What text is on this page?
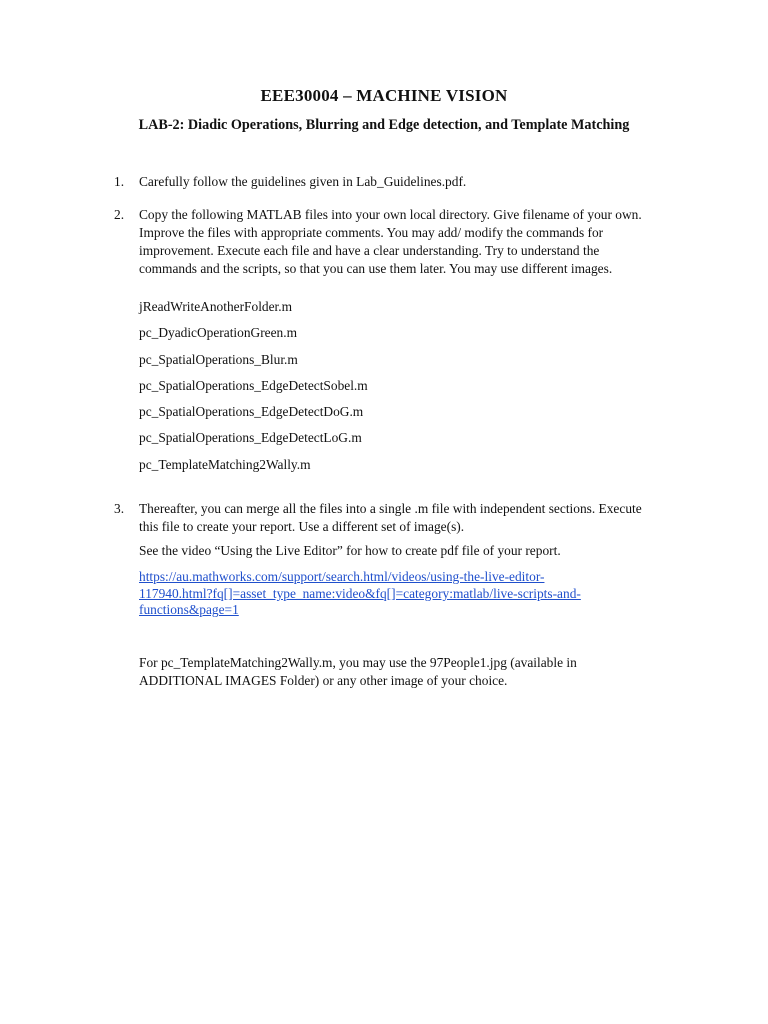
EEE30004 – MACHINE VISION
LAB-2: Diadic Operations, Blurring and Edge detection, and Template Matching
1. Carefully follow the guidelines given in Lab_Guidelines.pdf.
2. Copy the following MATLAB files into your own local directory. Give filename of your own.
Improve the files with appropriate comments. You may add/ modify the commands for
improvement. Execute each file and have a clear understanding. Try to understand the
commands and the scripts, so that you can use them later. You may use different images.
jReadWriteAnotherFolder.m
pc_DyadicOperationGreen.m
pc_SpatialOperations_Blur.m
pc_SpatialOperations_EdgeDetectSobel.m
pc_SpatialOperations_EdgeDetectDoG.m
pc_SpatialOperations_EdgeDetectLoG.m
pc_TemplateMatching2Wally.m
3. Thereafter, you can merge all the files into a single .m file with independent sections. Execute
this file to create your report. Use a different set of image(s).
See the video “Using the Live Editor” for how to create pdf file of your report.
https://au.mathworks.com/support/search.html/videos/using-the-live-editor-
117940.html?fq[]=asset_type_name:video&fq[]=category:matlab/live-scripts-and-
functions&page=1
For pc_TemplateMatching2Wally.m, you may use the 97People1.jpg (available in
ADDITIONAL IMAGES Folder) or any other image of your choice.
